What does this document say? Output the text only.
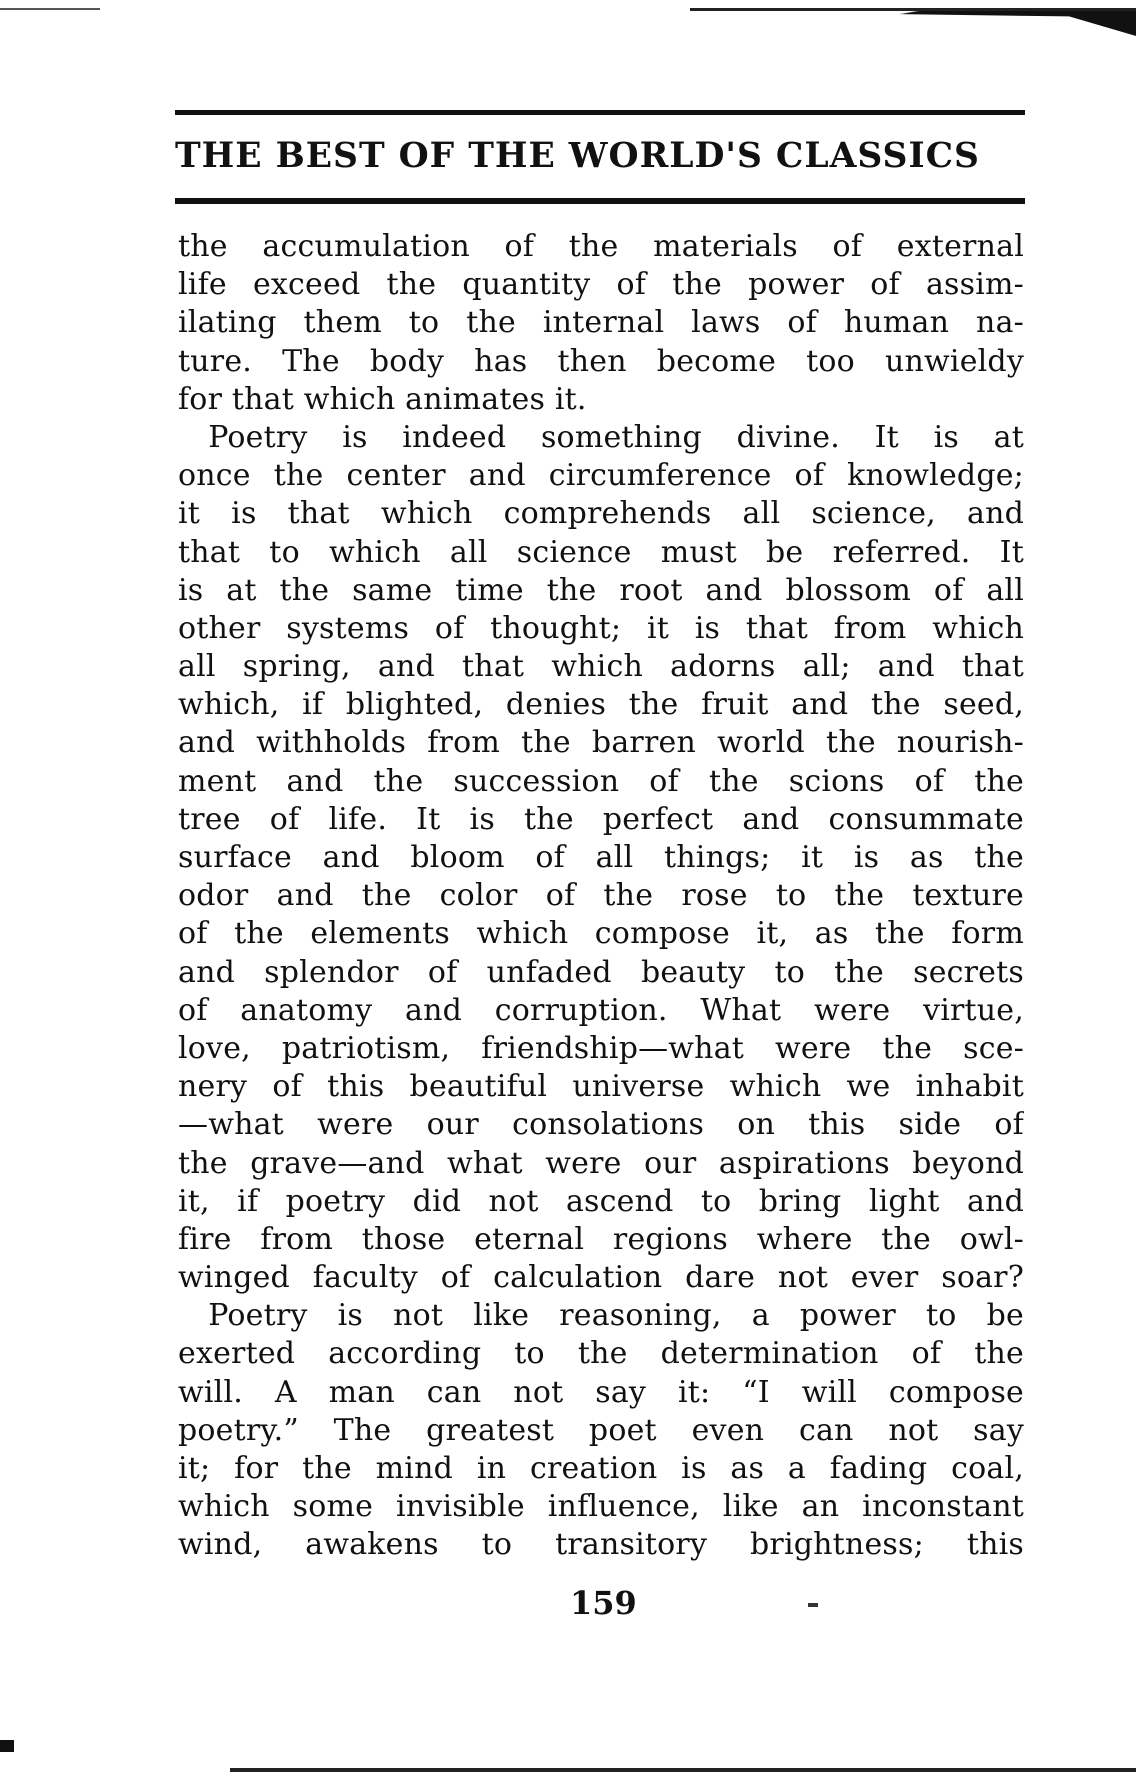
THE BEST OF THE WORLD'S CLASSICS
the accumulation of the materials of external
life exceed the quantity of the power of assim-
ilating them to the internal laws of human na-
ture. The body has then become too unwieldy
for that which animates it.
 Poetry is indeed something divine. It is at
once the center and circumference of knowledge;
it is that which comprehends all science, and
that to which all science must be referred. It
is at the same time the root and blossom of all
other systems of thought; it is that from which
all spring, and that which adorns all; and that
which, if blighted, denies the fruit and the seed,
and withholds from the barren world the nourish-
ment and the succession of the scions of the
tree of life. It is the perfect and consummate
surface and bloom of all things; it is as the
odor and the color of the rose to the texture
of the elements which compose it, as the form
and splendor of unfaded beauty to the secrets
of anatomy and corruption. What were virtue,
love, patriotism, friendship—what were the sce-
nery of this beautiful universe which we inhabit
—what were our consolations on this side of
the grave—and what were our aspirations beyond
it, if poetry did not ascend to bring light and
fire from those eternal regions where the owl-
winged faculty of calculation dare not ever soar?
 Poetry is not like reasoning, a power to be
exerted according to the determination of the
will. A man can not say it: “I will compose
poetry.” The greatest poet even can not say
it; for the mind in creation is as a fading coal,
which some invisible influence, like an inconstant
wind, awakens to transitory brightness; this
159
